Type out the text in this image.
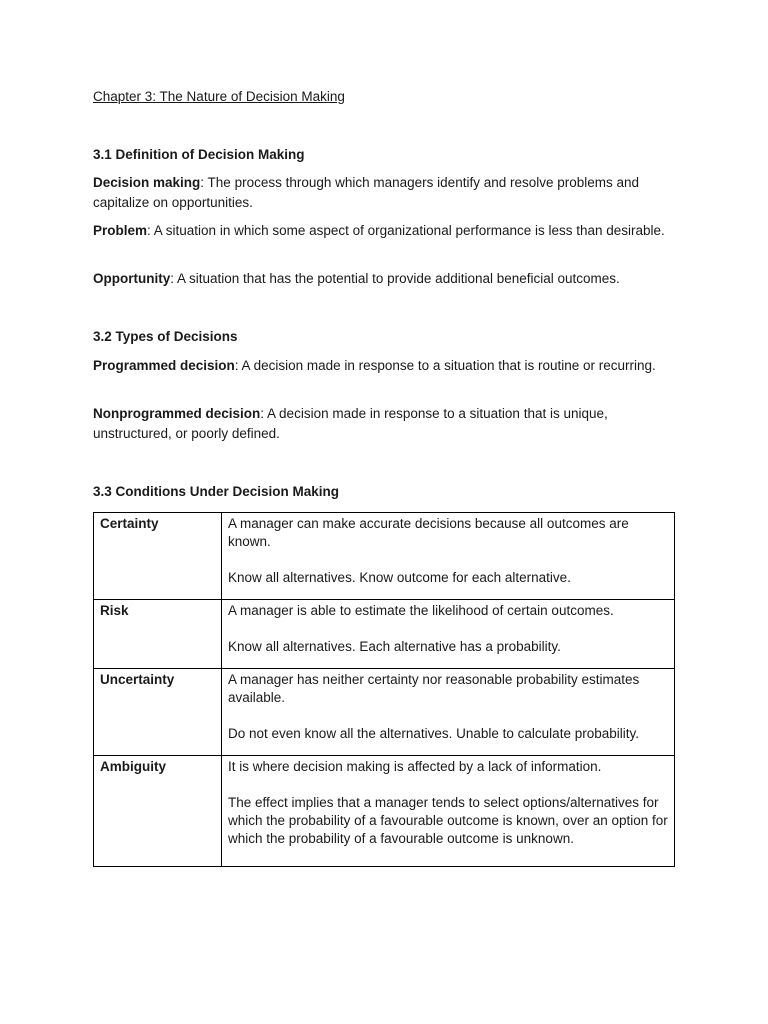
Chapter 3: The Nature of Decision Making
3.1 Definition of Decision Making
Decision making: The process through which managers identify and resolve problems and capitalize on opportunities.
Problem: A situation in which some aspect of organizational performance is less than desirable.
Opportunity: A situation that has the potential to provide additional beneficial outcomes.
3.2 Types of Decisions
Programmed decision: A decision made in response to a situation that is routine or recurring.
Nonprogrammed decision: A decision made in response to a situation that is unique, unstructured, or poorly defined.
3.3 Conditions Under Decision Making
Certainty	A manager can make accurate decisions because all outcomes are known.

Know all alternatives. Know outcome for each alternative.

Risk	A manager is able to estimate the likelihood of certain outcomes.

Know all alternatives. Each alternative has a probability.

Uncertainty	A manager has neither certainty nor reasonable probability estimates available.

Do not even know all the alternatives. Unable to calculate probability.

Ambiguity	It is where decision making is affected by a lack of information.

The effect implies that a manager tends to select options/alternatives for which the probability of a favourable outcome is known, over an option for which the probability of a favourable outcome is unknown.
